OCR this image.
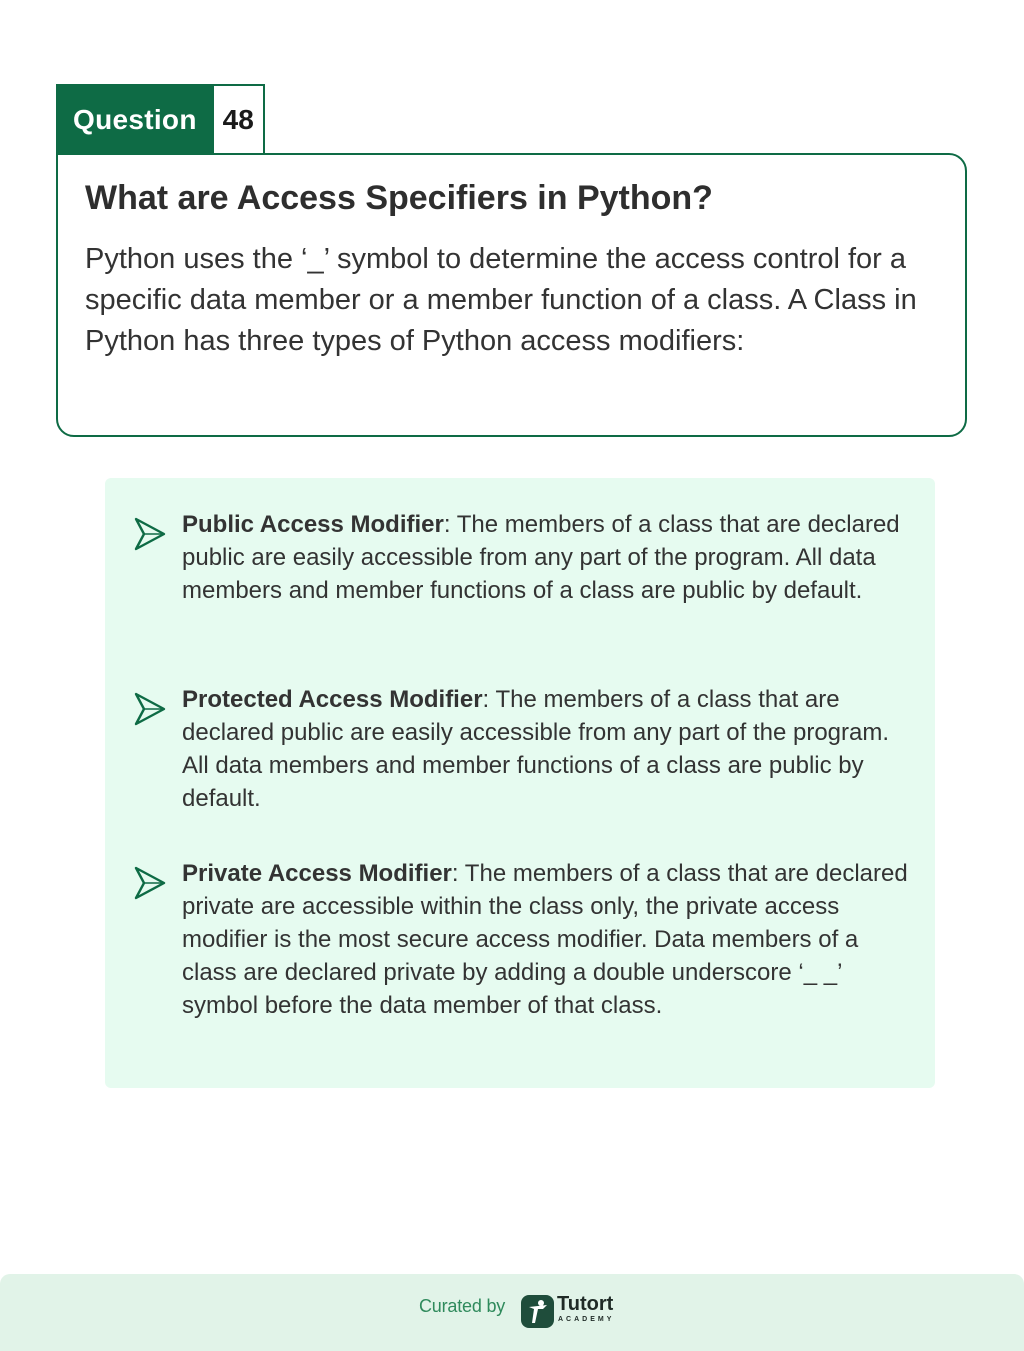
Question 48
What are Access Specifiers in Python?

Python uses the ‘_’ symbol to determine the access control for a specific data member or a member function of a class. A Class in Python has three types of Python access modifiers:

Public Access Modifier: The members of a class that are declared public are easily accessible from any part of the program. All data members and member functions of a class are public by default.

Protected Access Modifier: The members of a class that are declared public are easily accessible from any part of the program. All data members and member functions of a class are public by default.

Private Access Modifier: The members of a class that are declared private are accessible within the class only, the private access modifier is the most secure access modifier. Data members of a class are declared private by adding a double underscore ‘_ _’ symbol before the data member of that class.

Curated by	Tutort
ACADEMY
